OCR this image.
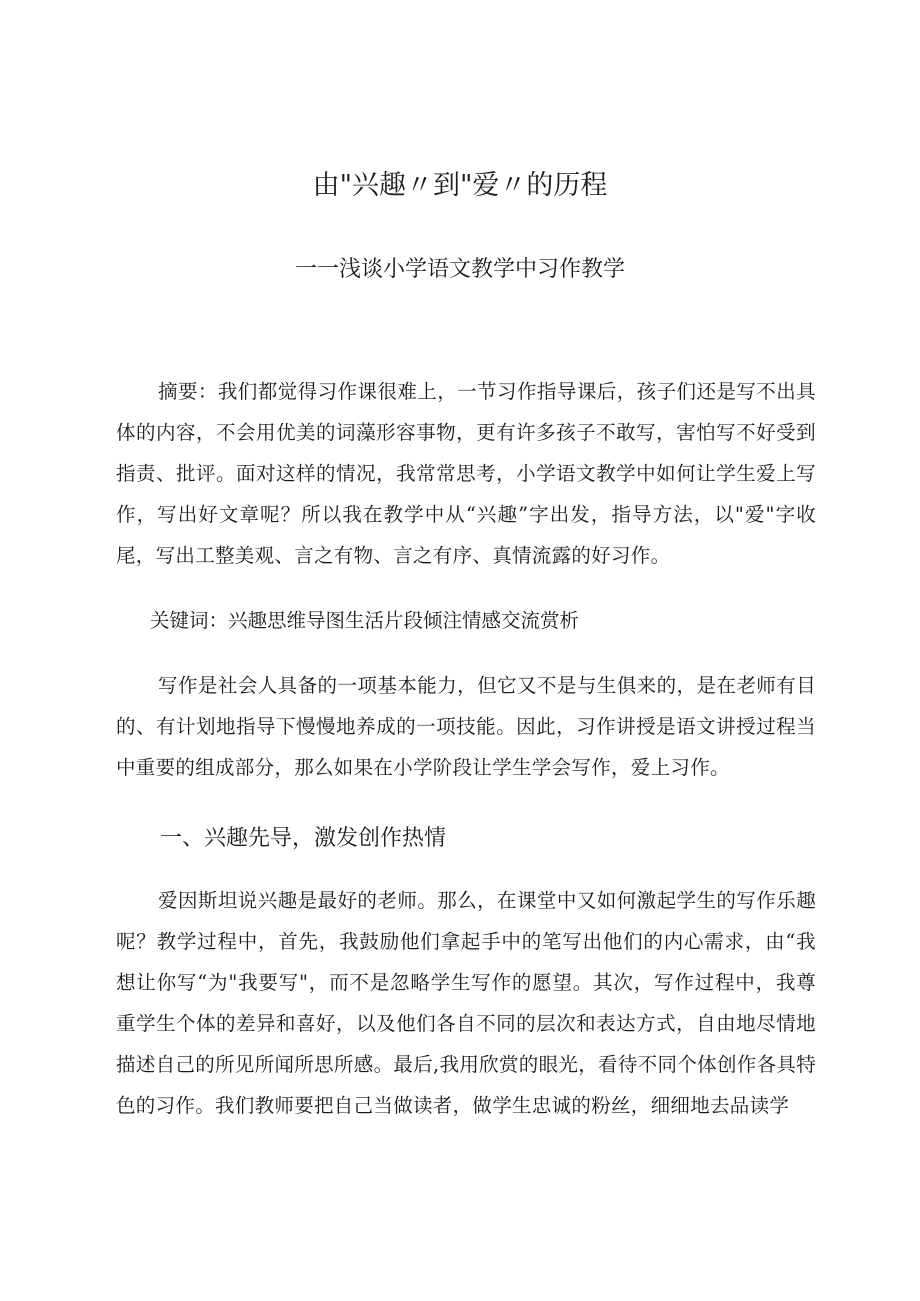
由"兴趣〃到"爱〃的历程
一一浅谈小学语文教学中习作教学
摘要：我们都觉得习作课很难上，一节习作指导课后，孩子们还是写不出具体的内容，不会用优美的词藻形容事物，更有许多孩子不敢写，害怕写不好受到指责、批评。面对这样的情况，我常常思考，小学语文教学中如何让学生爱上写作，写出好文章呢？所以我在教学中从“兴趣”字出发，指导方法，以"爱"字收尾，写出工整美观、言之有物、言之有序、真情流露的好习作。
关键词：兴趣思维导图生活片段倾注情感交流赏析
写作是社会人具备的一项基本能力，但它又不是与生俱来的，是在老师有目的、有计划地指导下慢慢地养成的一项技能。因此，习作讲授是语文讲授过程当中重要的组成部分，那么如果在小学阶段让学生学会写作，爱上习作。
一、兴趣先导，激发创作热情
爱因斯坦说兴趣是最好的老师。那么，在课堂中又如何激起学生的写作乐趣呢？教学过程中，首先，我鼓励他们拿起手中的笔写出他们的内心需求，由“我想让你写“为"我要写"，而不是忽略学生写作的愿望。其次，写作过程中，我尊重学生个体的差异和喜好，以及他们各自不同的层次和表达方式，自由地尽情地描述自己的所见所闻所思所感。最后,我用欣赏的眼光，看待不同个体创作各具特色的习作。我们教师要把自己当做读者，做学生忠诚的粉丝，细细地去品读学
